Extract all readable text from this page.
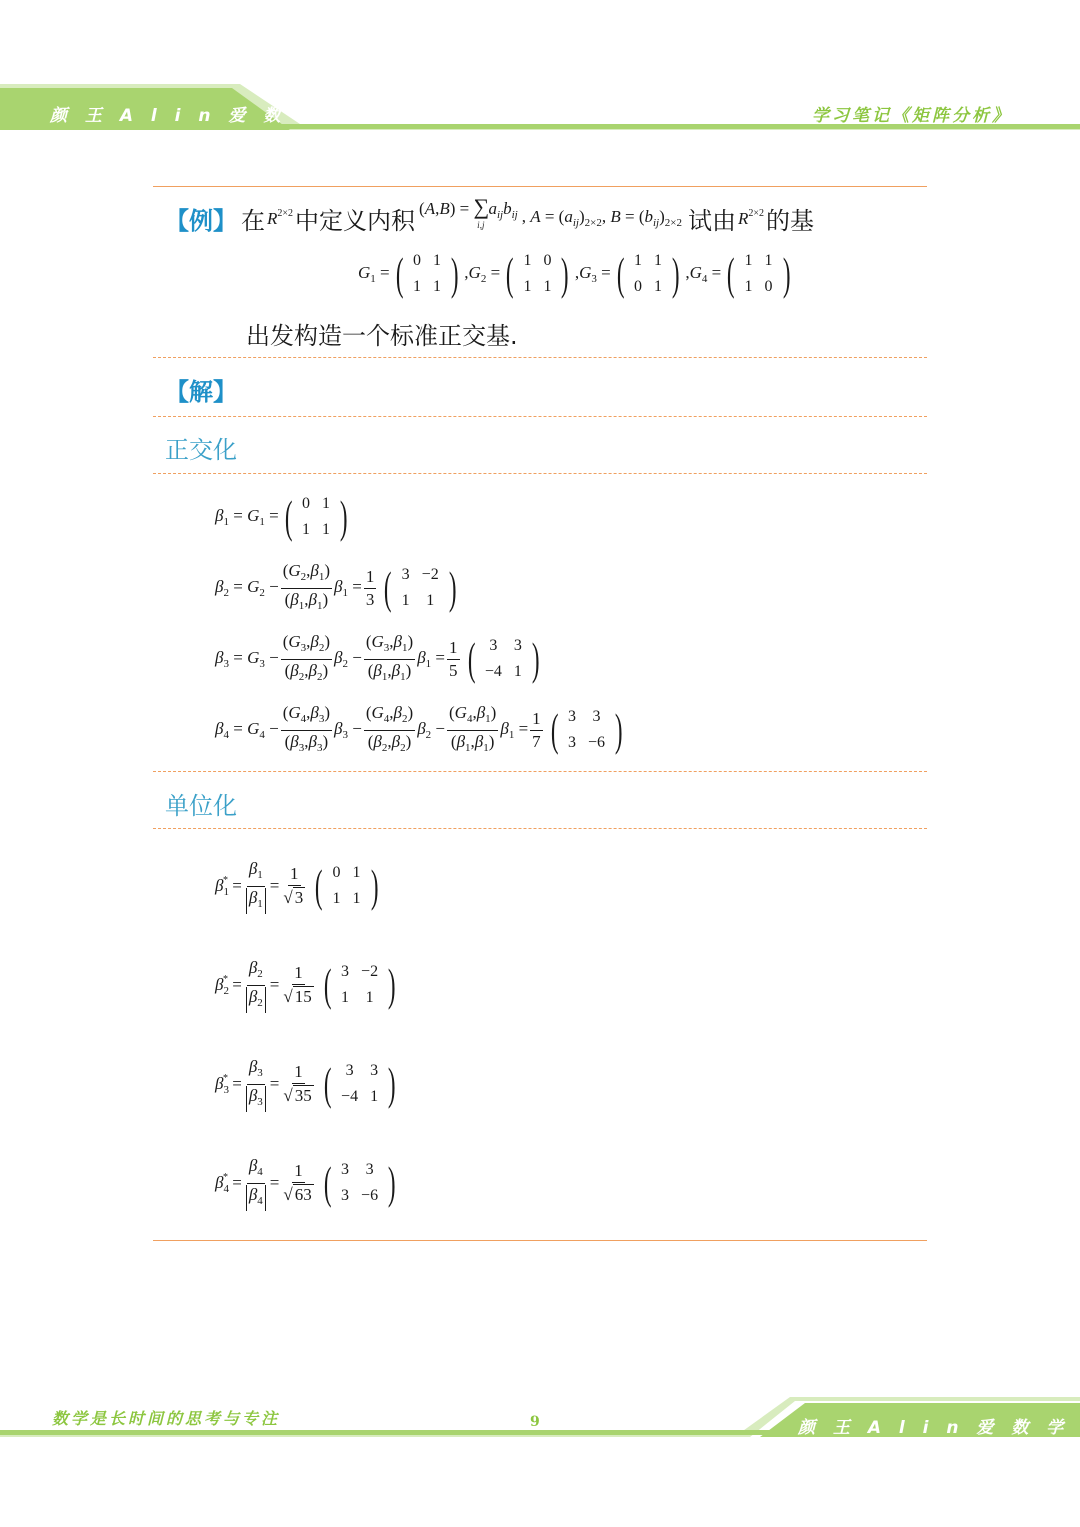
颜 王 A l i n 爱 数 学	学习笔记《矩阵分析》
【例】 在 $R^{2\times 2}$ 中定义内积 $(A,B) = \sum_{i,j}a_{ij}b_{ij}$ , $A = (a_{ij})_{2\times 2}$, $B = (b_{ij})_{2\times 2}$ 试由 $R^{2\times 2}$ 的基
$G_1$ = ( 0	1
1	1 ) $,G_2$ = ( 1	0
1	1 ) $,G_3$ = ( 1	1
0	1 ) $,G_4$ = ( 1	1
1	0 )
出发构造一个标准正交基.
【解】
正交化
$\beta_1 = G_1$ = ( 0	1
1	1 )
$\beta_2 = G_2 - \frac{(G_2,\beta_1)}{(\beta_1,\beta_1)} \beta_1 = \frac{1}{3}$ ( 3	−2
1	1 )
$\beta_3 = G_3 - \frac{(G_3,\beta_2)}{(\beta_2,\beta_2)} \beta_2 - \frac{(G_3,\beta_1)}{(\beta_1,\beta_1)} \beta_1 = \frac{1}{5}$ ( 3	3
−4	1 )
$\beta_4 = G_4 - \frac{(G_4,\beta_3)}{(\beta_3,\beta_3)} \beta_3 - \frac{(G_4,\beta_2)}{(\beta_2,\beta_2)} \beta_2 - \frac{(G_4,\beta_1)}{(\beta_1,\beta_1)} \beta_1 = \frac{1}{7}$ ( 3	3
3	−6 )
单位化
$\beta_1^* = \frac{\beta_1}{\beta_1} = \frac{1}{√ 3}$ ( 0	1
1	1 )
$\beta_2^* = \frac{\beta_2}{\beta_2} = \frac{1}{√ 15}$ ( 3	−2
1	1 )
$\beta_3^* = \frac{\beta_3}{\beta_3} = \frac{1}{√ 35}$ ( 3	3
−4	1 )
$\beta_4^* = \frac{\beta_4}{\beta_4} = \frac{1}{√ 63}$ ( 3	3
3	−6 )
数学是长时间的思考与专注	9	颜 王 A l i n 爱 数 学
